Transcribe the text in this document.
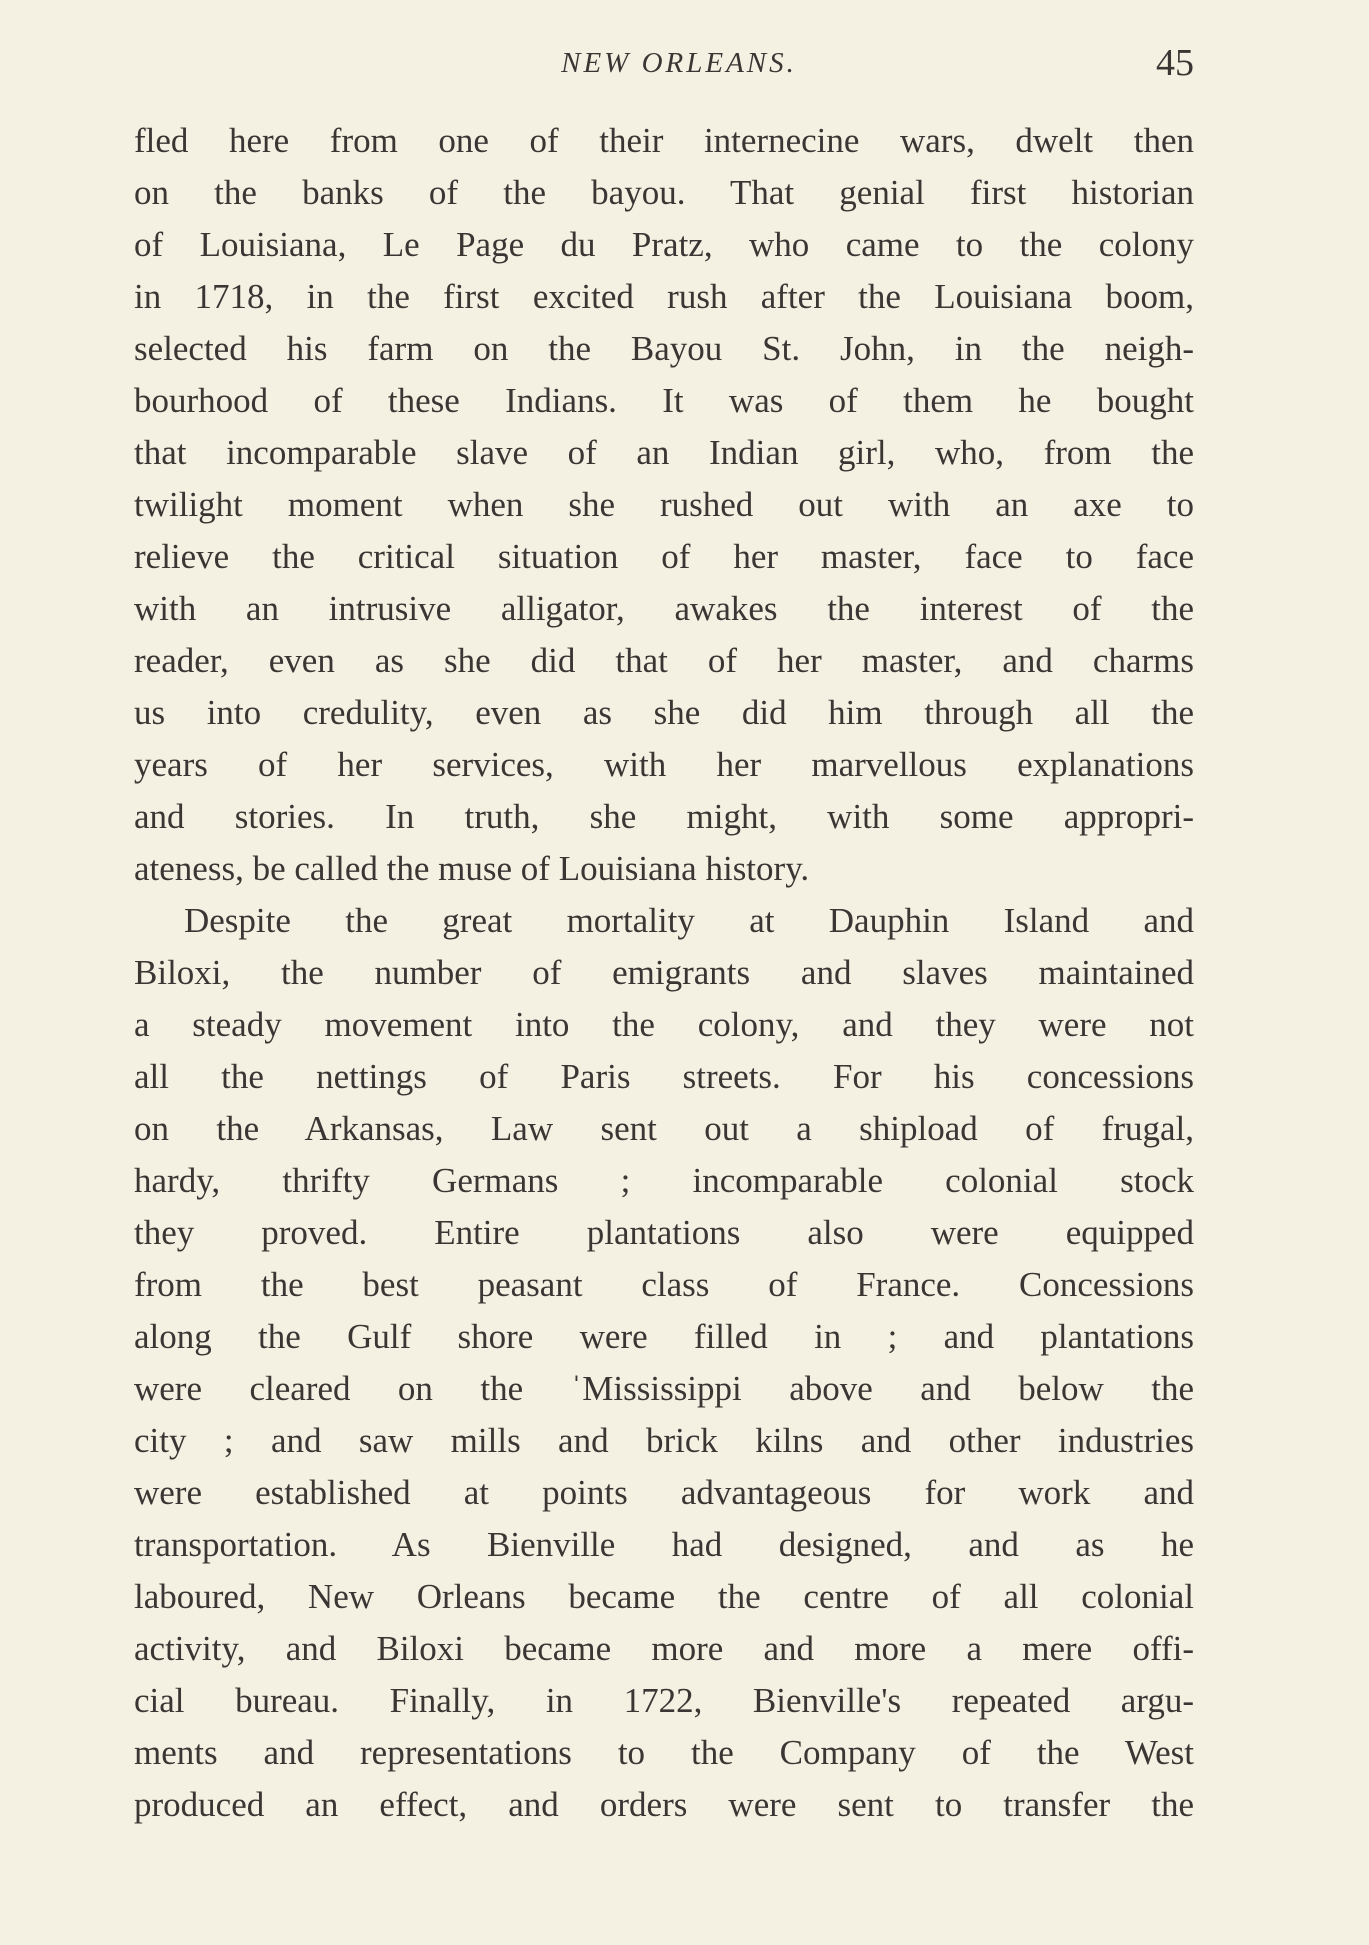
NEW ORLEANS.	45
fled here from one of their internecine wars, dwelt then
on the banks of the bayou. That genial first historian
of Louisiana, Le Page du Pratz, who came to the colony
in 1718, in the first excited rush after the Louisiana boom,
selected his farm on the Bayou St. John, in the neigh-
bourhood of these Indians. It was of them he bought
that incomparable slave of an Indian girl, who, from the
twilight moment when she rushed out with an axe to
relieve the critical situation of her master, face to face
with an intrusive alligator, awakes the interest of the
reader, even as she did that of her master, and charms
us into credulity, even as she did him through all the
years of her services, with her marvellous explanations
and stories. In truth, she might, with some appropri-
ateness, be called the muse of Louisiana history.
Despite the great mortality at Dauphin Island and
Biloxi, the number of emigrants and slaves maintained
a steady movement into the colony, and they were not
all the nettings of Paris streets. For his concessions
on the Arkansas, Law sent out a shipload of frugal,
hardy, thrifty Germans ; incomparable colonial stock
they proved. Entire plantations also were equipped
from the best peasant class of France. Concessions
along the Gulf shore were filled in ; and plantations
were cleared on the ˈMississippi above and below the
city ; and saw mills and brick kilns and other industries
were established at points advantageous for work and
transportation. As Bienville had designed, and as he
laboured, New Orleans became the centre of all colonial
activity, and Biloxi became more and more a mere offi-
cial bureau. Finally, in 1722, Bienville's repeated argu-
ments and representations to the Company of the West
produced an effect, and orders were sent to transfer the
